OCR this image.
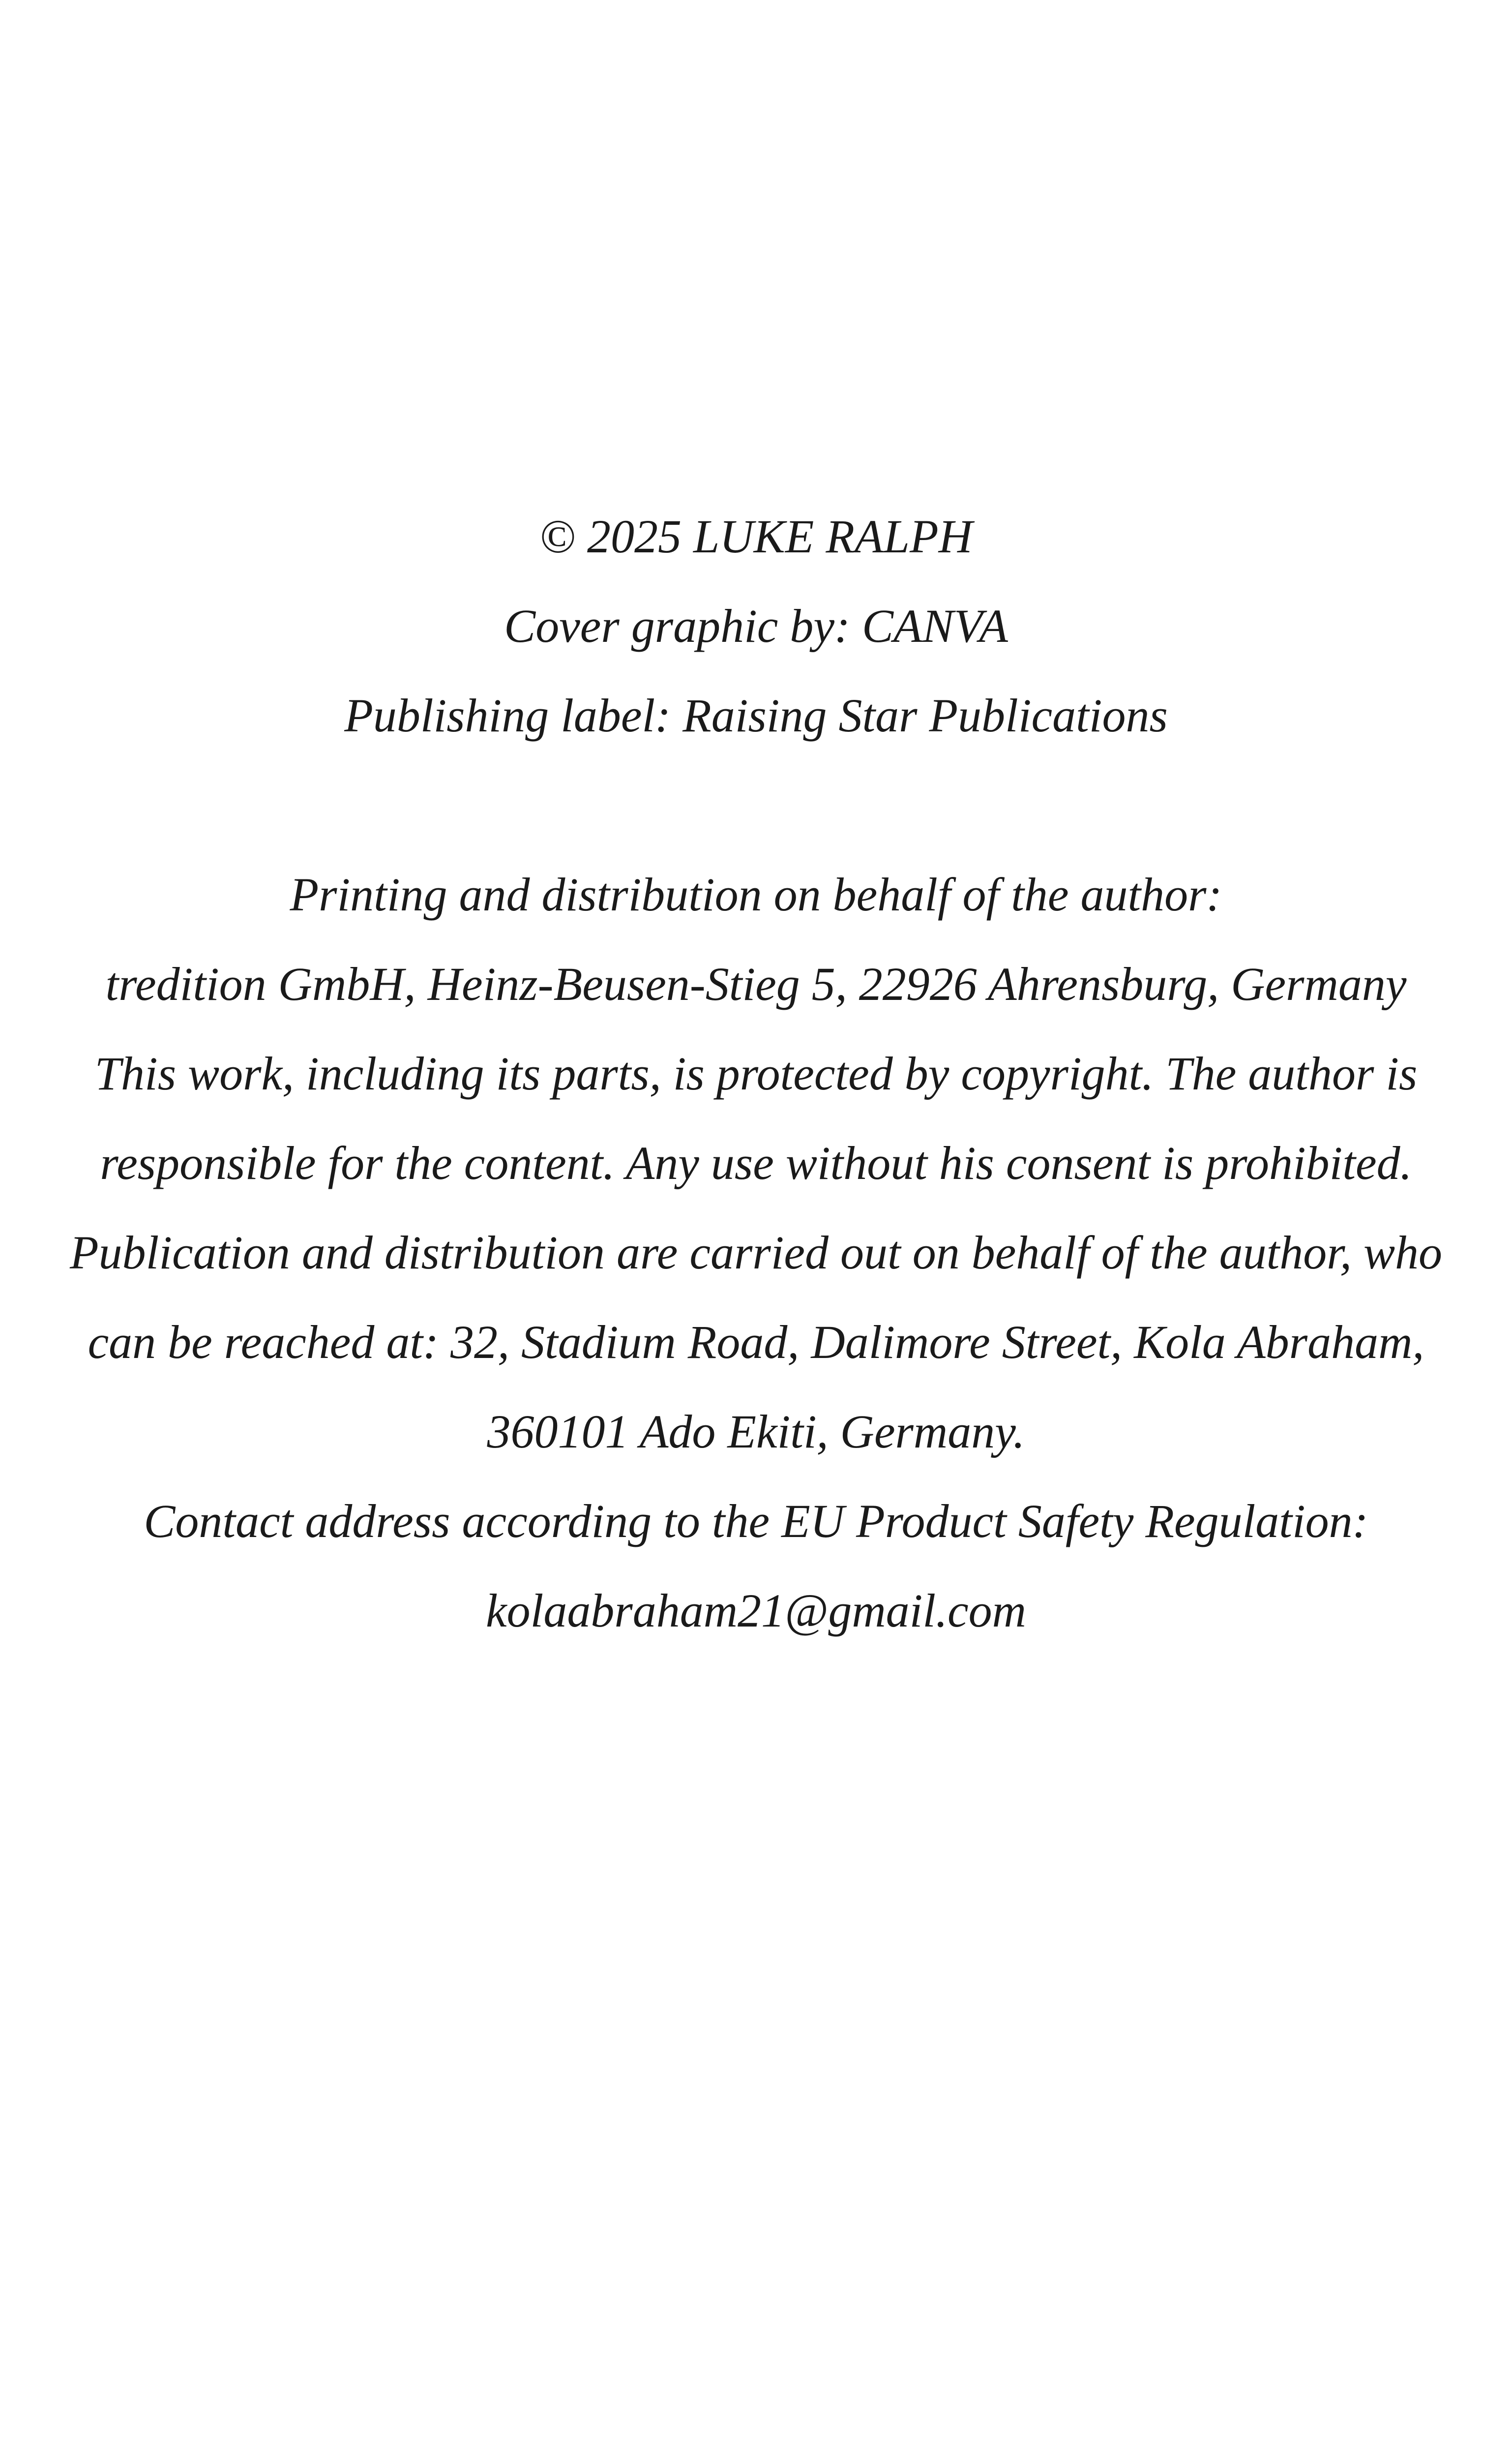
© 2025 LUKE RALPH
Cover graphic by: CANVA
Publishing label: Raising Star Publications
Printing and distribution on behalf of the author:
tredition GmbH, Heinz-Beusen-Stieg 5, 22926 Ahrensburg, Germany
This work, including its parts, is protected by copyright. The author is
responsible for the content. Any use without his consent is prohibited.
Publication and distribution are carried out on behalf of the author, who
can be reached at: 32, Stadium Road, Dalimore Street, Kola Abraham,
360101 Ado Ekiti, Germany.
Contact address according to the EU Product Safety Regulation:
kolaabraham21@gmail.com
